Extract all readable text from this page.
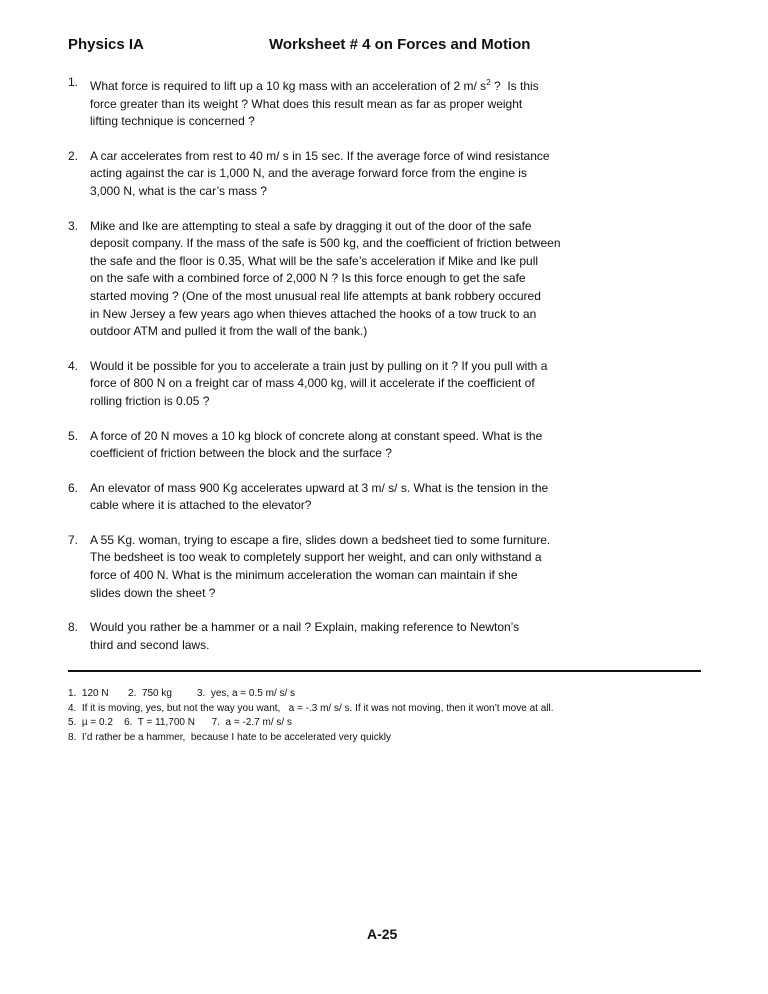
Physics IA	Worksheet # 4 on Forces and Motion
1. What force is required to lift up a 10 kg mass with an acceleration of 2 m/ $s^2$ ?  Is this
force greater than its weight ? What does this result mean as far as proper weight
lifting technique is concerned ?
2. A car accelerates from rest to 40 m/ s in 15 sec. If the average force of wind resistance
acting against the car is 1,000 N, and the average forward force from the engine is
3,000 N, what is the car’s mass ?
3. Mike and Ike are attempting to steal a safe by dragging it out of the door of the safe
deposit company. If the mass of the safe is 500 kg, and the coefficient of friction between
the safe and the floor is 0.35, What will be the safe’s acceleration if Mike and Ike pull
on the safe with a combined force of 2,000 N ? Is this force enough to get the safe
started moving ? (One of the most unusual real life attempts at bank robbery occured
in New Jersey a few years ago when thieves attached the hooks of a tow truck to an
outdoor ATM and pulled it from the wall of the bank.)
4. Would it be possible for you to accelerate a train just by pulling on it ? If you pull with a
force of 800 N on a freight car of mass 4,000 kg, will it accelerate if the coefficient of
rolling friction is 0.05 ?
5. A force of 20 N moves a 10 kg block of concrete along at constant speed. What is the
coefficient of friction between the block and the surface ?
6. An elevator of mass 900 Kg accelerates upward at 3 m/ s/ s. What is the tension in the
cable where it is attached to the elevator?
7. A 55 Kg. woman, trying to escape a fire, slides down a bedsheet tied to some furniture.
The bedsheet is too weak to completely support her weight, and can only withstand a
force of 400 N. What is the minimum acceleration the woman can maintain if she
slides down the sheet ?
8. Would you rather be a hammer or a nail ? Explain, making reference to Newton’s
third and second laws.
1.  120 N       2.  750 kg         3.  yes, a = 0.5 m/ s/ s
4.  If it is moving, yes, but not the way you want,   a = -.3 m/ s/ s. If it was not moving, then it won’t move at all.
5.  µ = 0.2    6.  T = 11,700 N      7.  a = -2.7 m/ s/ s
8.  I’d rather be a hammer,  because I hate to be accelerated very quickly
A-25
